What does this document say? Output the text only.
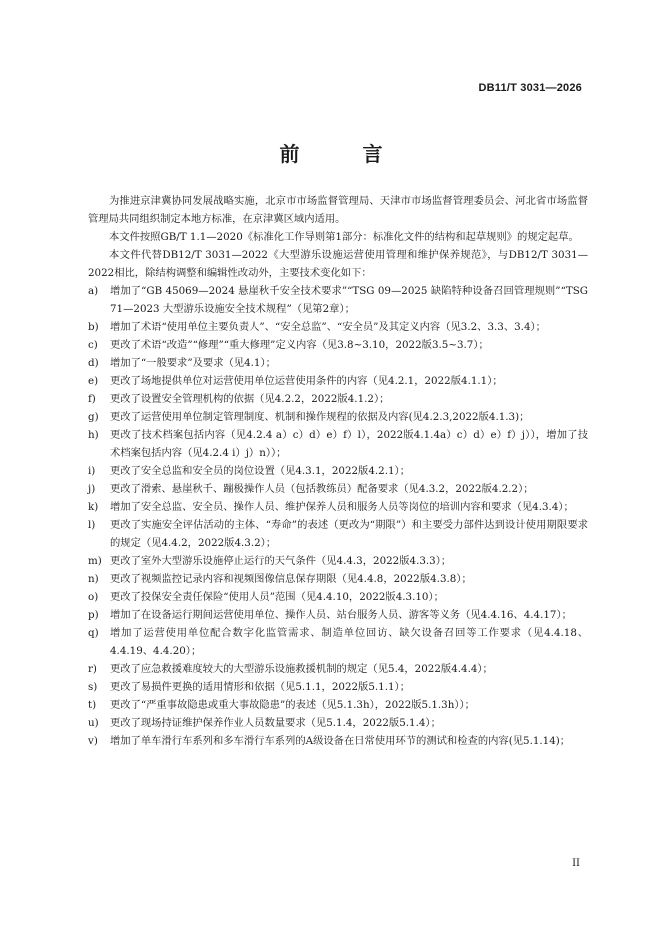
DB11/T 3031—2026
前 言

为推进京津冀协同发展战略实施，北京市市场监督管理局、天津市市场监督管理委员会、河北省市场监督管理局共同组织制定本地方标准，在京津冀区域内适用。

本文件按照GB/T 1.1—2020《标准化工作导则第1部分：标准化文件的结构和起草规则》的规定起草。

本文件代替DB12/T 3031—2022《大型游乐设施运营使用管理和维护保养规范》，与DB12/T 3031—2022相比，除结构调整和编辑性改动外，主要技术变化如下：

a) 增加了“GB 45069—2024 悬崖秋千安全技术要求”“TSG 09—2025 缺陷特种设备召回管理规则”“TSG 71—2023 大型游乐设施安全技术规程”（见第2章）；
b) 增加了术语“使用单位主要负责人”、“安全总监”、“安全员”及其定义内容（见3.2、3.3、3.4）；
c) 更改了术语“改造”“修理”“重大修理”定义内容（见3.8~3.10，2022版3.5~3.7）；
d) 增加了“一般要求”及要求（见4.1）；
e) 更改了场地提供单位对运营使用单位运营使用条件的内容（见4.2.1，2022版4.1.1）；
f) 更改了设置安全管理机构的依据（见4.2.2，2022版4.1.2）；
g) 更改了运营使用单位制定管理制度、机制和操作规程的依据及内容(见4.2.3,2022版4.1.3)；
h) 更改了技术档案包括内容（见4.2.4 a）c）d）e）f）l），2022版4.1.4a）c）d）e）f）j）），增加了技术档案包括内容（见4.2.4 i）j）n））；
i) 更改了安全总监和安全员的岗位设置（见4.3.1，2022版4.2.1）；
j) 更改了滑索、悬崖秋千、蹦极操作人员（包括教练员）配备要求（见4.3.2，2022版4.2.2）；
k) 增加了安全总监、安全员、操作人员、维护保养人员和服务人员等岗位的培训内容和要求（见4.3.4）；
l) 更改了实施安全评估活动的主体、“寿命”的表述（更改为“期限”）和主要受力部件达到设计使用期限要求的规定（见4.4.2，2022版4.3.2）；
m) 更改了室外大型游乐设施停止运行的天气条件（见4.4.3，2022版4.3.3）；
n) 更改了视频监控记录内容和视频图像信息保存期限（见4.4.8，2022版4.3.8）；
o) 更改了投保安全责任保险“使用人员”范围（见4.4.10，2022版4.3.10）；
p) 增加了在设备运行期间运营使用单位、操作人员、站台服务人员、游客等义务（见4.4.16、4.4.17）；
q) 增加了运营使用单位配合数字化监管需求、制造单位回访、缺欠设备召回等工作要求（见4.4.18、4.4.19、4.4.20）；
r) 更改了应急救援难度较大的大型游乐设施救援机制的规定（见5.4，2022版4.4.4）；
s) 更改了易损件更换的适用情形和依据（见5.1.1，2022版5.1.1）；
t) 更改了“严重事故隐患或重大事故隐患”的表述（见5.1.3h），2022版5.1.3h））；
u) 更改了现场持证维护保养作业人员数量要求（见5.1.4，2022版5.1.4）；
v) 增加了单车滑行车系列和多车滑行车系列的A级设备在日常使用环节的测试和检查的内容(见5.1.14)；
II
